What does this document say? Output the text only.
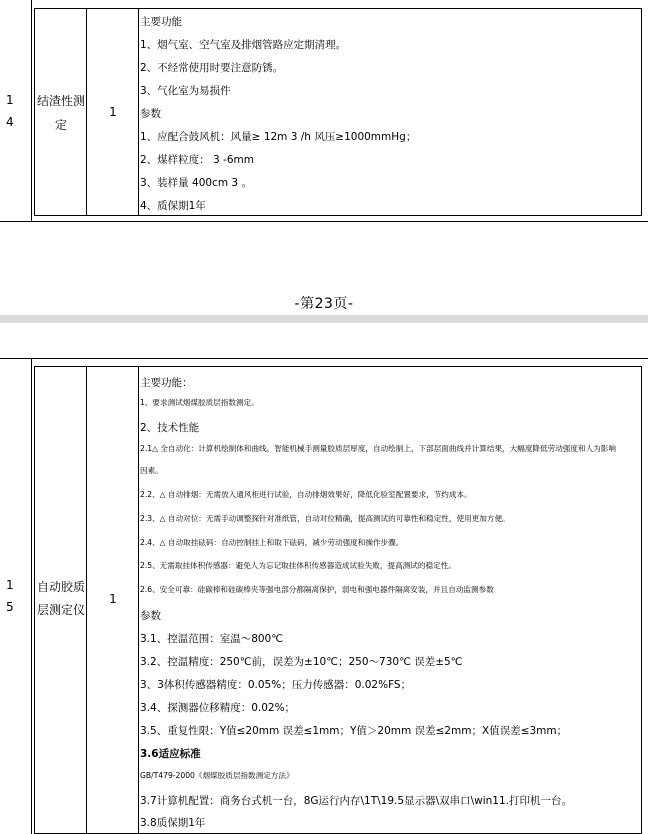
1
4
结渣性测
定
1
主要功能
1、烟气室、空气室及排烟管路应定期清理。
2、不经常使用时要注意防锈。
3、气化室为易损件
参数
1、应配合鼓风机：风量≥ 12m 3 /h 风压≥1000mmHg；
2、煤样粒度： 3 -6mm
3、装样量 400cm 3 。
4、质保期1年
-第23页-
1
5
自动胶质
层测定仪
1
主要功能：
1、要求测试烟煤胶质层指数测定。
2、技术性能
2.1△ 全自动化：计算机绘制体和曲线，智能机械手测量胶质层厚度，自动绘制上、下部层面曲线并计算结果，大幅度降低劳动强度和人为影响
因素。
2.2、△ 自动排烟：无需放入通风柜进行试验，自动排烟效果好，降低化验室配置要求，节约成本。
2.3、△ 自动对位：无需手动调整探针对准纸管，自动对位精确，提高测试的可靠性和稳定性，使用更加方便。
2.4、△ 自动取挂砝码：自动控制挂上和取下砝码，减少劳动强度和操作步骤。
2.5、无需取挂体积传感器：避免人为忘记取挂体积传感器造成试验失败，提高测试的稳定性。
2.6、安全可靠：硅碳棒和硅碳棒夹等强电部分都隔离保护，弱电和强电器件隔离安装，并且自动监测参数
参数
3.1、控温范围：室温～800℃
3.2、控温精度：250℃前，误差为±10℃；250～730℃ 误差±5℃
3、3体积传感器精度：0.05%；压力传感器：0.02%FS；
3.4、探测器位移精度：0.02%；
3.5、重复性限：Y值≤20mm 误差≤1mm；Y值＞20mm 误差≤2mm；X值误差≤3mm；
3.6适应标准
GB/T479-2000《烟煤胶质层指数测定方法》
3.7计算机配置：商务台式机一台，8G运行内存\1T\19.5显示器\双串口\win11.打印机一台。
3.8质保期1年
